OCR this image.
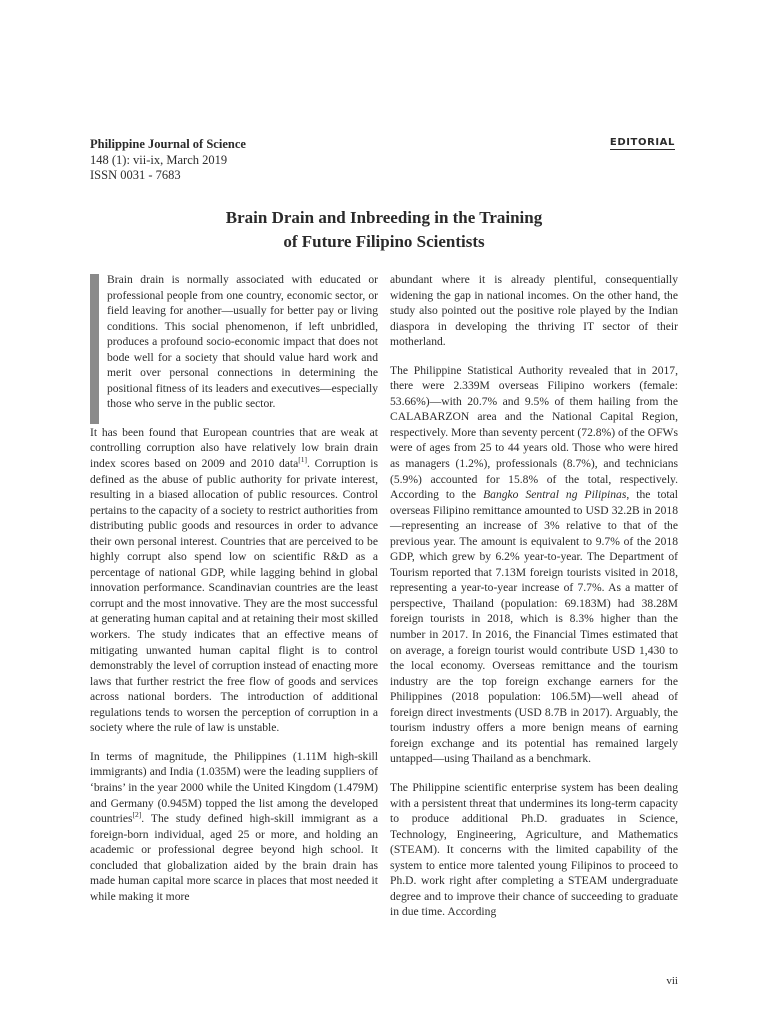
Philippine Journal of Science
148 (1): vii-ix, March 2019
ISSN 0031 - 7683
EDITORIAL
Brain Drain and Inbreeding in the Training
of Future Filipino Scientists

Brain drain is normally associated with educated or professional people from one country, economic sector, or field leaving for another—usually for better pay or living conditions. This social phenomenon, if left unbridled, produces a profound socio-economic impact that does not bode well for a society that should value hard work and merit over personal connections in determining the positional fitness of its leaders and executives—especially those who serve in the public sector.

It has been found that European countries that are weak at controlling corruption also have relatively low brain drain index scores based on 2009 and 2010 data[1]. Corruption is defined as the abuse of public authority for private interest, resulting in a biased allocation of public resources. Control pertains to the capacity of a society to restrict authorities from distributing public goods and resources in order to advance their own personal interest. Countries that are perceived to be highly corrupt also spend low on scientific R&D as a percentage of national GDP, while lagging behind in global innovation performance. Scandinavian countries are the least corrupt and the most innovative. They are the most successful at generating human capital and at retaining their most skilled workers. The study indicates that an effective means of mitigating unwanted human capital flight is to control demonstrably the level of corruption instead of enacting more laws that further restrict the free flow of goods and services across national borders. The introduction of additional regulations tends to worsen the perception of corruption in a society where the rule of law is unstable.

In terms of magnitude, the Philippines (1.11M high-skill immigrants) and India (1.035M) were the leading suppliers of ‘brains’ in the year 2000 while the United Kingdom (1.479M) and Germany (0.945M) topped the list among the developed countries[2]. The study defined high-skill immigrant as a foreign-born individual, aged 25 or more, and holding an academic or professional degree beyond high school. It concluded that globalization aided by the brain drain has made human capital more scarce in places that most needed it while making it more

abundant where it is already plentiful, consequentially widening the gap in national incomes. On the other hand, the study also pointed out the positive role played by the Indian diaspora in developing the thriving IT sector of their motherland.

The Philippine Statistical Authority revealed that in 2017, there were 2.339M overseas Filipino workers (female: 53.66%)—with 20.7% and 9.5% of them hailing from the CALABARZON area and the National Capital Region, respectively. More than seventy percent (72.8%) of the OFWs were of ages from 25 to 44 years old. Those who were hired as managers (1.2%), professionals (8.7%), and technicians (5.9%) accounted for 15.8% of the total, respectively. According to the Bangko Sentral ng Pilipinas, the total overseas Filipino remittance amounted to USD 32.2B in 2018—representing an increase of 3% relative to that of the previous year. The amount is equivalent to 9.7% of the 2018 GDP, which grew by 6.2% year-to-year. The Department of Tourism reported that 7.13M foreign tourists visited in 2018, representing a year-to-year increase of 7.7%. As a matter of perspective, Thailand (population: 69.183M) had 38.28M foreign tourists in 2018, which is 8.3% higher than the number in 2017. In 2016, the Financial Times estimated that on average, a foreign tourist would contribute USD 1,430 to the local economy. Overseas remittance and the tourism industry are the top foreign exchange earners for the Philippines (2018 population: 106.5M)—well ahead of foreign direct investments (USD 8.7B in 2017). Arguably, the tourism industry offers a more benign means of earning foreign exchange and its potential has remained largely untapped—using Thailand as a benchmark.

The Philippine scientific enterprise system has been dealing with a persistent threat that undermines its long-term capacity to produce additional Ph.D. graduates in Science, Technology, Engineering, Agriculture, and Mathematics (STEAM). It concerns with the limited capability of the system to entice more talented young Filipinos to proceed to Ph.D. work right after completing a STEAM undergraduate degree and to improve their chance of succeeding to graduate in due time. According

vii
